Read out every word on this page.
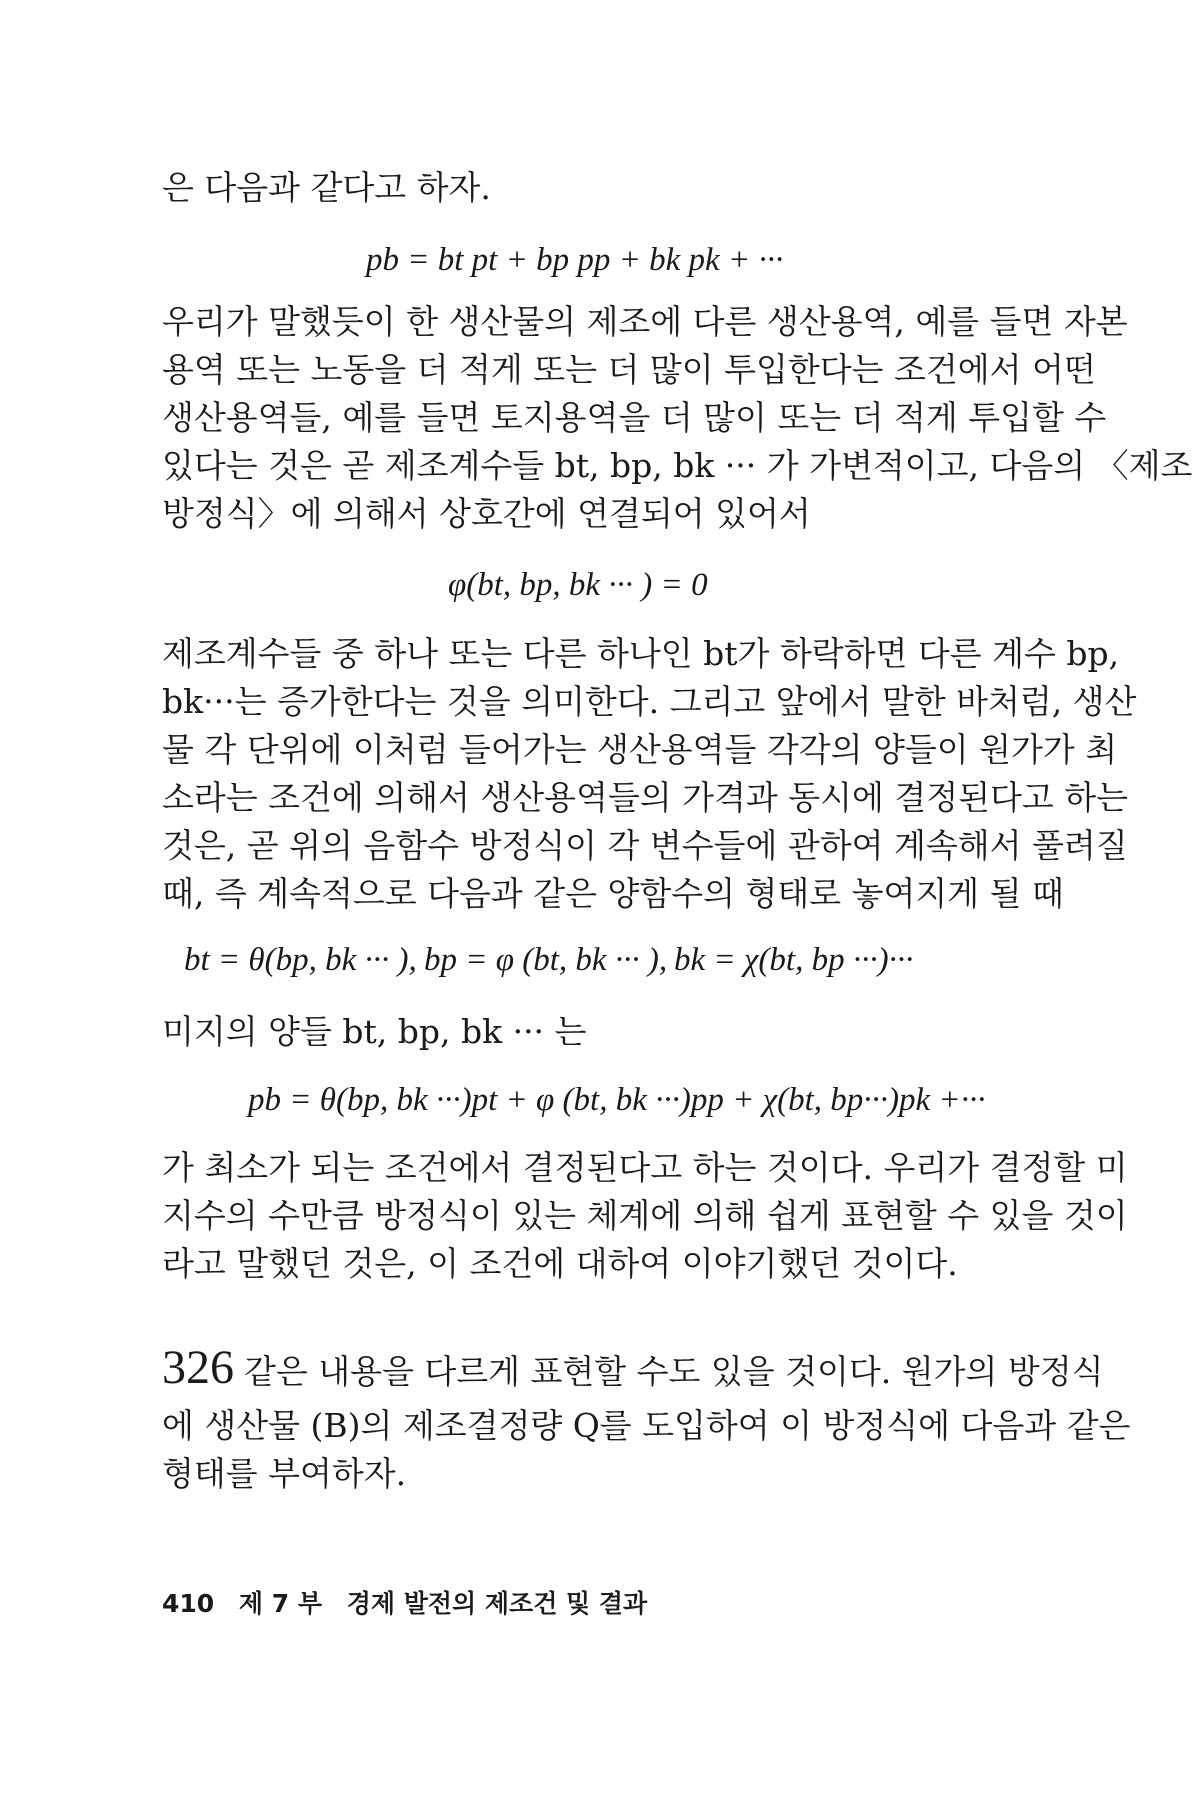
은 다음과 같다고 하자.
pb = bt pt + bp pp + bk pk + ···
우리가 말했듯이 한 생산물의 제조에 다른 생산용역, 예를 들면 자본
용역 또는 노동을 더 적게 또는 더 많이 투입한다는 조건에서 어떤
생산용역들, 예를 들면 토지용역을 더 많이 또는 더 적게 투입할 수
있다는 것은 곧 제조계수들 bt, bp, bk ··· 가 가변적이고, 다음의 〈제조
방정식〉에 의해서 상호간에 연결되어 있어서
φ(bt, bp, bk ··· ) = 0
제조계수들 중 하나 또는 다른 하나인 bt가 하락하면 다른 계수 bp,
bk···는 증가한다는 것을 의미한다. 그리고 앞에서 말한 바처럼, 생산
물 각 단위에 이처럼 들어가는 생산용역들 각각의 양들이 원가가 최
소라는 조건에 의해서 생산용역들의 가격과 동시에 결정된다고 하는
것은, 곧 위의 음함수 방정식이 각 변수들에 관하여 계속해서 풀려질
때, 즉 계속적으로 다음과 같은 양함수의 형태로 놓여지게 될 때
bt = θ(bp, bk ··· ), bp = φ (bt, bk ··· ), bk = χ(bt, bp ···)···
미지의 양들 bt, bp, bk ··· 는
pb = θ(bp, bk ···)pt + φ (bt, bk ···)pp + χ(bt, bp···)pk +···
가 최소가 되는 조건에서 결정된다고 하는 것이다. 우리가 결정할 미
지수의 수만큼 방정식이 있는 체계에 의해 쉽게 표현할 수 있을 것이
라고 말했던 것은, 이 조건에 대하여 이야기했던 것이다.
326 같은 내용을 다르게 표현할 수도 있을 것이다. 원가의 방정식
에 생산물 (B)의 제조결정량 Q를 도입하여 이 방정식에 다음과 같은
형태를 부여하자.
410 제 7 부 경제 발전의 제조건 및 결과
